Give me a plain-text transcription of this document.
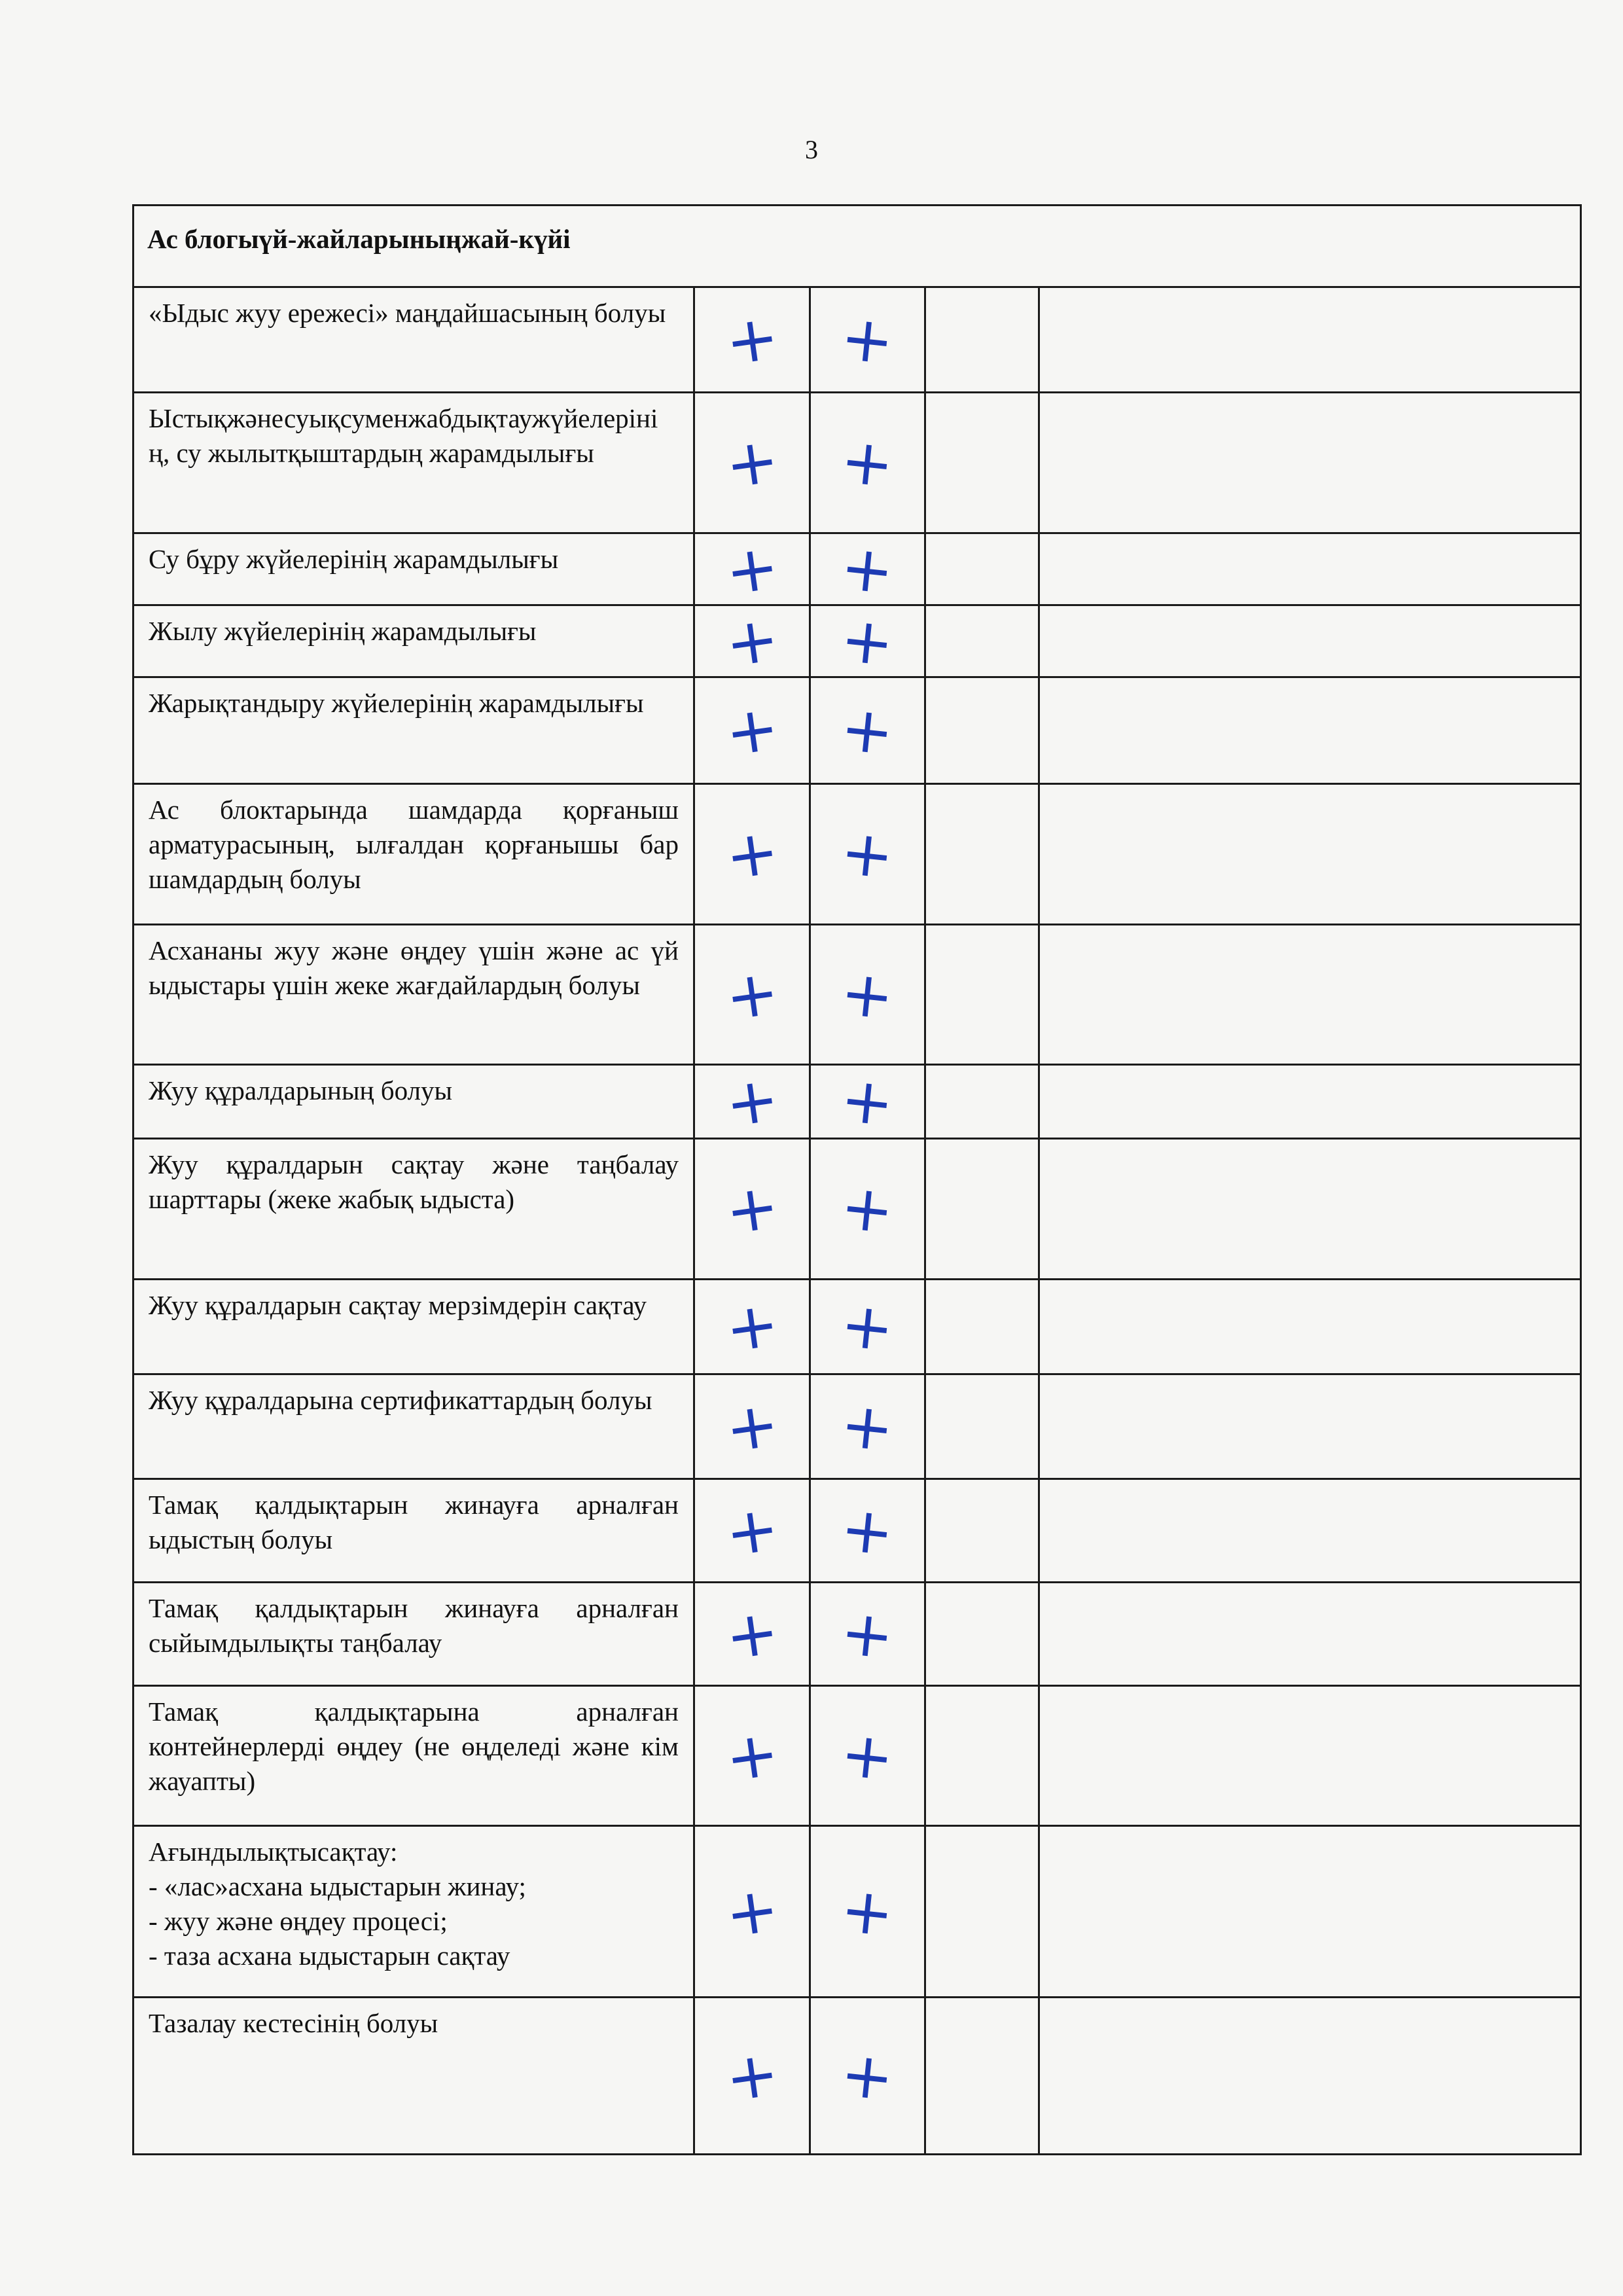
3
Ас блогыүй-жайларыныңжай-күйі				
«Ыдыс жуу ережесі» маңдайшасының болуы	+	+		
Ыстықжәнесуықсуменжабдықтаужүйелерінің, су жылытқыштардың жарамдылығы	+	+		
Су бұру жүйелерінің жарамдылығы	+	+		
Жылу жүйелерінің жарамдылығы	+	+		
Жарықтандыру жүйелерінің жарамдылығы	+	+		
Ас блоктарында шамдарда қорғаныш арматурасының, ылғалдан қорғанышы бар шамдардың болуы	+	+		
Асхананы жуу және өңдеу үшін және ас үй ыдыстары үшін жеке жағдайлардың болуы	+	+		
Жуу құралдарының болуы	+	+		
Жуу құралдарын сақтау және таңбалау шарттары (жеке жабық ыдыста)	+	+		
Жуу құралдарын сақтау мерзімдерін сақтау	+	+		
Жуу құралдарына сертификаттардың болуы	+	+		
Тамақ қалдықтарын жинауға арналған ыдыстың болуы	+	+		
Тамақ қалдықтарын жинауға арналған сыйымдылықты таңбалау	+	+		
Тамақ қалдықтарына арналған контейнерлерді өңдеу (не өңделеді және кім жауапты)	+	+		

Ағындылықтысақтау:
- «лас»асхана ыдыстарын жинау;
- жуу және өңдеу процесі;
- таза асхана ыдыстарын сақтау	+	+		
Тазалау кестесінің болуы	+	+		
